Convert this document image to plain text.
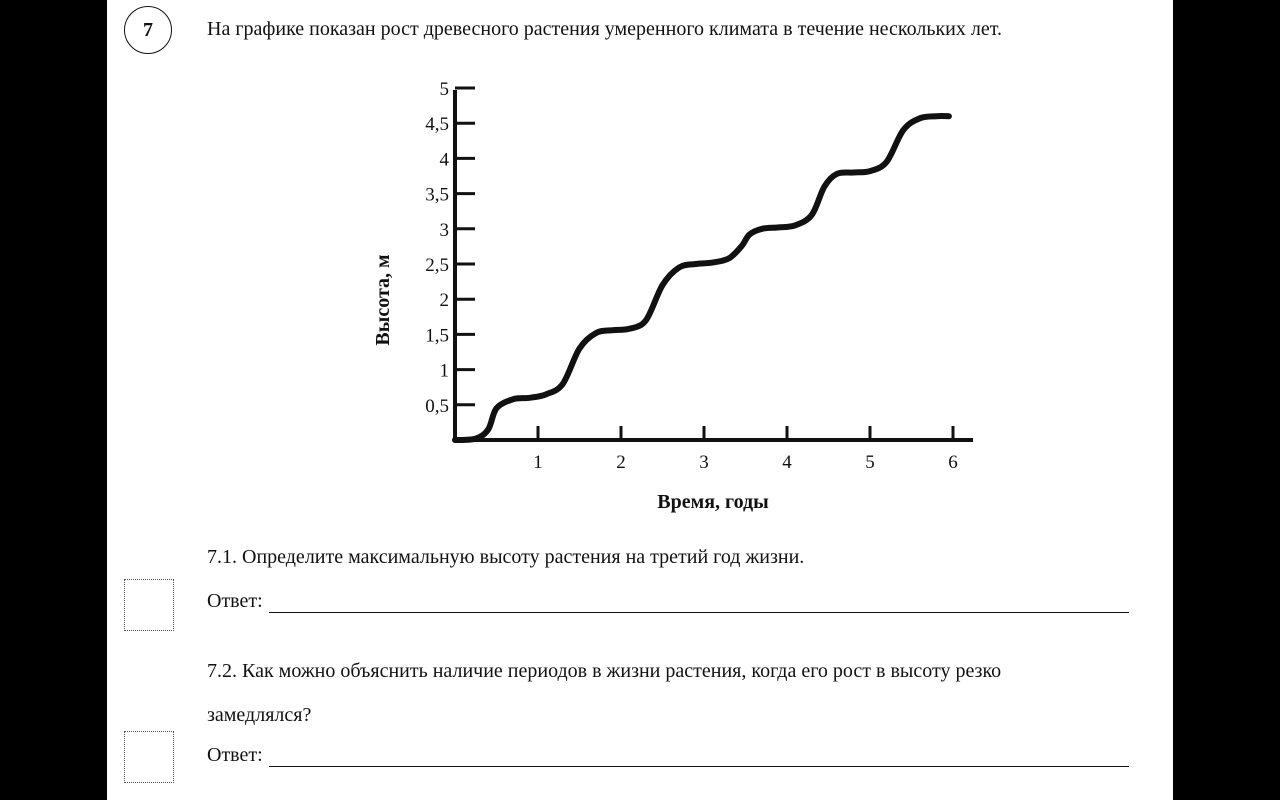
7	На графике показан рост древесного растения умеренного климата в течение нескольких лет.
0,5
1
1,5
2
2,5
3
3,5
4
4,5
5
1	2	3	4	5	6
Высота, м
Время, годы
7.1. Определите максимальную высоту растения на третий год жизни.
Ответ:
7.2. Как можно объяснить наличие периодов в жизни растения, когда его рост в высоту резко
замедлялся?
Ответ:
